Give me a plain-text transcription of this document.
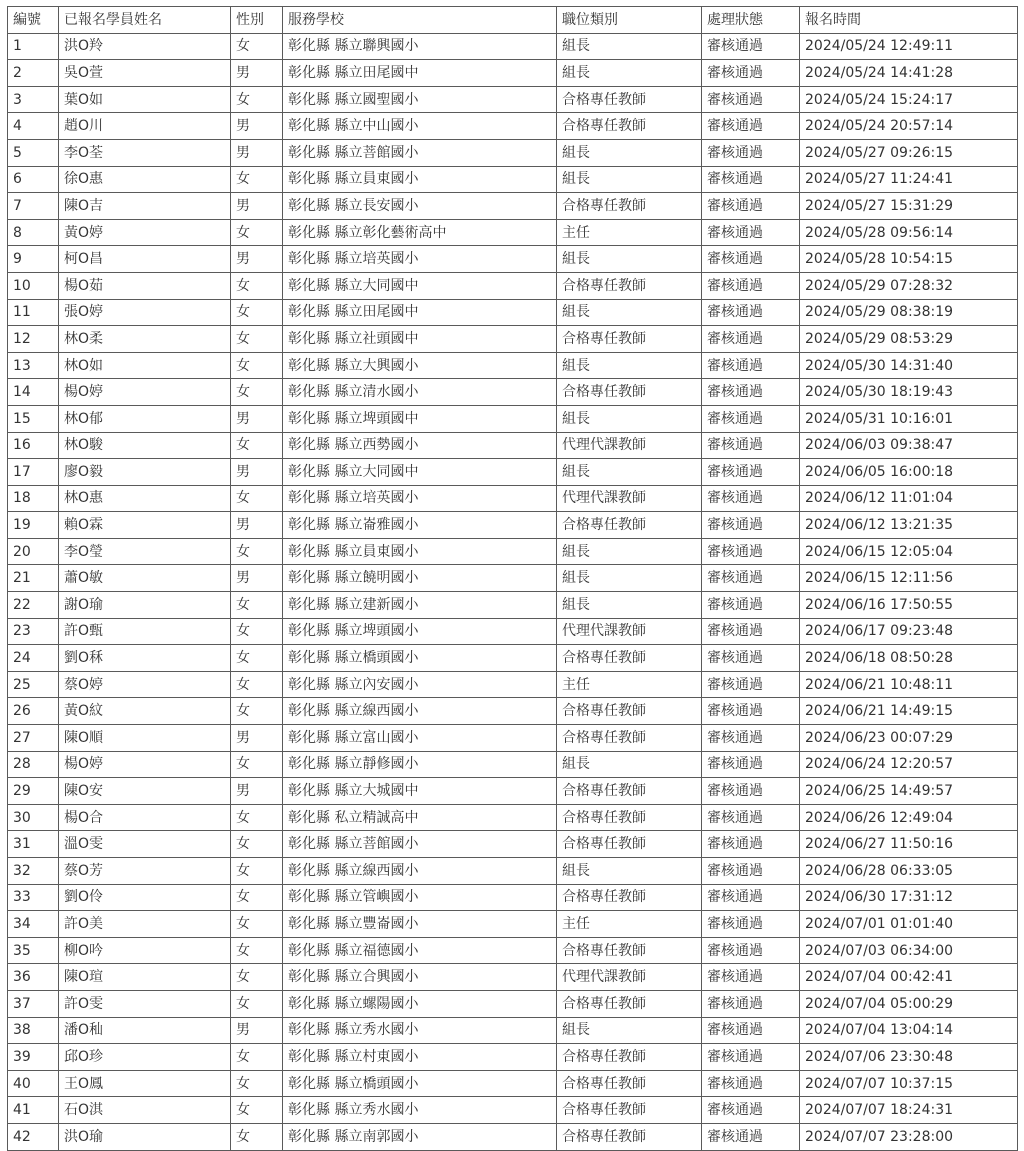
編號	已報名學員姓名	性別	服務學校	職位類別	處理狀態	報名時間
1	洪O羚	女	彰化縣 縣立聯興國小	組長	審核通過	2024/05/24 12:49:11
2	吳O萱	男	彰化縣 縣立田尾國中	組長	審核通過	2024/05/24 14:41:28
3	葉O如	女	彰化縣 縣立國聖國小	合格專任教師	審核通過	2024/05/24 15:24:17
4	趙O川	男	彰化縣 縣立中山國小	合格專任教師	審核通過	2024/05/24 20:57:14
5	李O荃	男	彰化縣 縣立菩館國小	組長	審核通過	2024/05/27 09:26:15
6	徐O惠	女	彰化縣 縣立員東國小	組長	審核通過	2024/05/27 11:24:41
7	陳O吉	男	彰化縣 縣立長安國小	合格專任教師	審核通過	2024/05/27 15:31:29
8	黃O婷	女	彰化縣 縣立彰化藝術高中	主任	審核通過	2024/05/28 09:56:14
9	柯O昌	男	彰化縣 縣立培英國小	組長	審核通過	2024/05/28 10:54:15
10	楊O茹	女	彰化縣 縣立大同國中	合格專任教師	審核通過	2024/05/29 07:28:32
11	張O婷	女	彰化縣 縣立田尾國中	組長	審核通過	2024/05/29 08:38:19
12	林O柔	女	彰化縣 縣立社頭國中	合格專任教師	審核通過	2024/05/29 08:53:29
13	林O如	女	彰化縣 縣立大興國小	組長	審核通過	2024/05/30 14:31:40
14	楊O婷	女	彰化縣 縣立清水國小	合格專任教師	審核通過	2024/05/30 18:19:43
15	林O郁	男	彰化縣 縣立埤頭國中	組長	審核通過	2024/05/31 10:16:01
16	林O駿	女	彰化縣 縣立西勢國小	代理代課教師	審核通過	2024/06/03 09:38:47
17	廖O毅	男	彰化縣 縣立大同國中	組長	審核通過	2024/06/05 16:00:18
18	林O惠	女	彰化縣 縣立培英國小	代理代課教師	審核通過	2024/06/12 11:01:04
19	賴O霖	男	彰化縣 縣立崙雅國小	合格專任教師	審核通過	2024/06/12 13:21:35
20	李O瑩	女	彰化縣 縣立員東國小	組長	審核通過	2024/06/15 12:05:04
21	蕭O敏	男	彰化縣 縣立饒明國小	組長	審核通過	2024/06/15 12:11:56
22	謝O瑜	女	彰化縣 縣立建新國小	組長	審核通過	2024/06/16 17:50:55
23	許O甄	女	彰化縣 縣立埤頭國小	代理代課教師	審核通過	2024/06/17 09:23:48
24	劉O秝	女	彰化縣 縣立橋頭國小	合格專任教師	審核通過	2024/06/18 08:50:28
25	蔡O婷	女	彰化縣 縣立內安國小	主任	審核通過	2024/06/21 10:48:11
26	黃O紋	女	彰化縣 縣立線西國小	合格專任教師	審核通過	2024/06/21 14:49:15
27	陳O順	男	彰化縣 縣立富山國小	合格專任教師	審核通過	2024/06/23 00:07:29
28	楊O婷	女	彰化縣 縣立靜修國小	組長	審核通過	2024/06/24 12:20:57
29	陳O安	男	彰化縣 縣立大城國中	合格專任教師	審核通過	2024/06/25 14:49:57
30	楊O合	女	彰化縣 私立精誠高中	合格專任教師	審核通過	2024/06/26 12:49:04
31	溫O雯	女	彰化縣 縣立菩館國小	合格專任教師	審核通過	2024/06/27 11:50:16
32	蔡O芳	女	彰化縣 縣立線西國小	組長	審核通過	2024/06/28 06:33:05
33	劉O伶	女	彰化縣 縣立管嶼國小	合格專任教師	審核通過	2024/06/30 17:31:12
34	許O美	女	彰化縣 縣立豐崙國小	主任	審核通過	2024/07/01 01:01:40
35	柳O吟	女	彰化縣 縣立福德國小	合格專任教師	審核通過	2024/07/03 06:34:00
36	陳O瑄	女	彰化縣 縣立合興國小	代理代課教師	審核通過	2024/07/04 00:42:41
37	許O雯	女	彰化縣 縣立螺陽國小	合格專任教師	審核通過	2024/07/04 05:00:29
38	潘O秈	男	彰化縣 縣立秀水國小	組長	審核通過	2024/07/04 13:04:14
39	邱O珍	女	彰化縣 縣立村東國小	合格專任教師	審核通過	2024/07/06 23:30:48
40	王O鳳	女	彰化縣 縣立橋頭國小	合格專任教師	審核通過	2024/07/07 10:37:15
41	石O淇	女	彰化縣 縣立秀水國小	合格專任教師	審核通過	2024/07/07 18:24:31
42	洪O瑜	女	彰化縣 縣立南郭國小	合格專任教師	審核通過	2024/07/07 23:28:00
